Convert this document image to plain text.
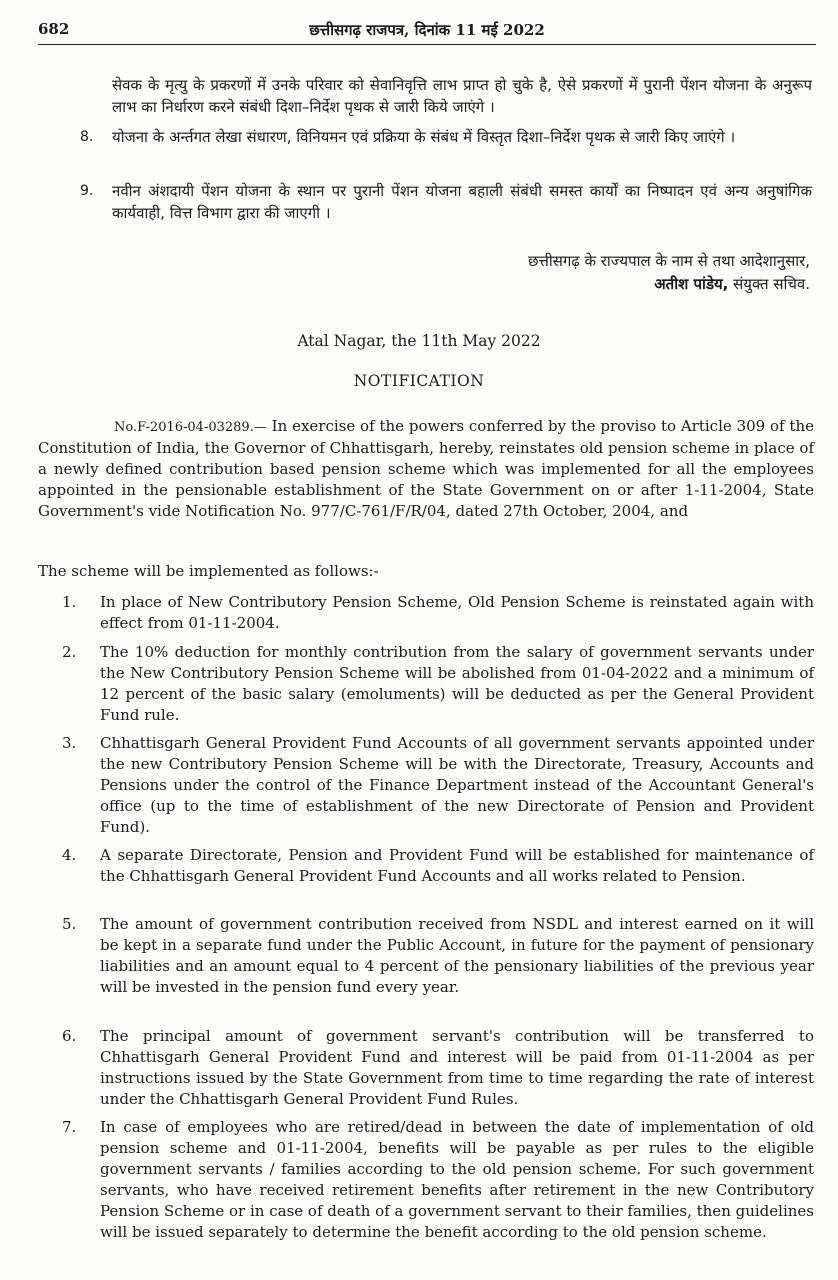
682	छत्तीसगढ़ राजपत्र, दिनांक 11 मई 2022
सेवक के मृत्यु के प्रकरणों में उनके परिवार को सेवानिवृत्ति लाभ प्राप्त हो चुके है, ऐसे प्रकरणों में पुरानी पेंशन योजना के अनुरूप लाभ का निर्धारण करने संबंधी दिशा–निर्देश पृथक से जारी किये जाएंगे ।
8.	योजना के अर्न्तगत लेखा संधारण, विनियमन एवं प्रक्रिया के संबंध में विस्तृत दिशा–निर्देश पृथक से जारी किए जाएंगे ।
9.	नवीन अंशदायी पेंशन योजना के स्थान पर पुरानी पेंशन योजना बहाली संबंधी समस्त कार्यों का निष्पादन एवं अन्य अनुषांगिक कार्यवाही, वित्त विभाग द्वारा की जाएगी ।
छत्तीसगढ़ के राज्यपाल के नाम से तथा आदेशानुसार,
अतीश पांडेय, संयुक्त सचिव.
Atal Nagar, the 11th May 2022
NOTIFICATION
No.F-2016-04-03289.— In exercise of the powers conferred by the proviso to Article 309 of the Constitution of India, the Governor of Chhattisgarh, hereby, reinstates old pension scheme in place of a newly defined contribution based pension scheme which was implemented for all the employees appointed in the pensionable establishment of the State Government on or after 1-11-2004, State Government's vide Notification No. 977/C-761/F/R/04, dated 27th October, 2004, and
The scheme will be implemented as follows:-
1.	In place of New Contributory Pension Scheme, Old Pension Scheme is reinstated again with effect from 01-11-2004.
2.	The 10% deduction for monthly contribution from the salary of government servants under the New Contributory Pension Scheme will be abolished from 01-04-2022 and a minimum of 12 percent of the basic salary (emoluments) will be deducted as per the General Provident Fund rule.
3.	Chhattisgarh General Provident Fund Accounts of all government servants appointed under the new Contributory Pension Scheme will be with the Directorate, Treasury, Accounts and Pensions under the control of the Finance Department instead of the Accountant General's office (up to the time of establishment of the new Directorate of Pension and Provident Fund).
4.	A separate Directorate, Pension and Provident Fund will be established for maintenance of the Chhattisgarh General Provident Fund Accounts and all works related to Pension.
5.	The amount of government contribution received from NSDL and interest earned on it will be kept in a separate fund under the Public Account, in future for the payment of pensionary liabilities and an amount equal to 4 percent of the pensionary liabilities of the previous year will be invested in the pension fund every year.
6.	The principal amount of government servant's contribution will be transferred to Chhattisgarh General Provident Fund and interest will be paid from 01-11-2004 as per instructions issued by the State Government from time to time regarding the rate of interest under the Chhattisgarh General Provident Fund Rules.
7.	In case of employees who are retired/dead in between the date of implementation of old pension scheme and 01-11-2004, benefits will be payable as per rules to the eligible government servants / families according to the old pension scheme. For such government servants, who have received retirement benefits after retirement in the new Contributory Pension Scheme or in case of death of a government servant to their families, then guidelines will be issued separately to determine the benefit according to the old pension scheme.
